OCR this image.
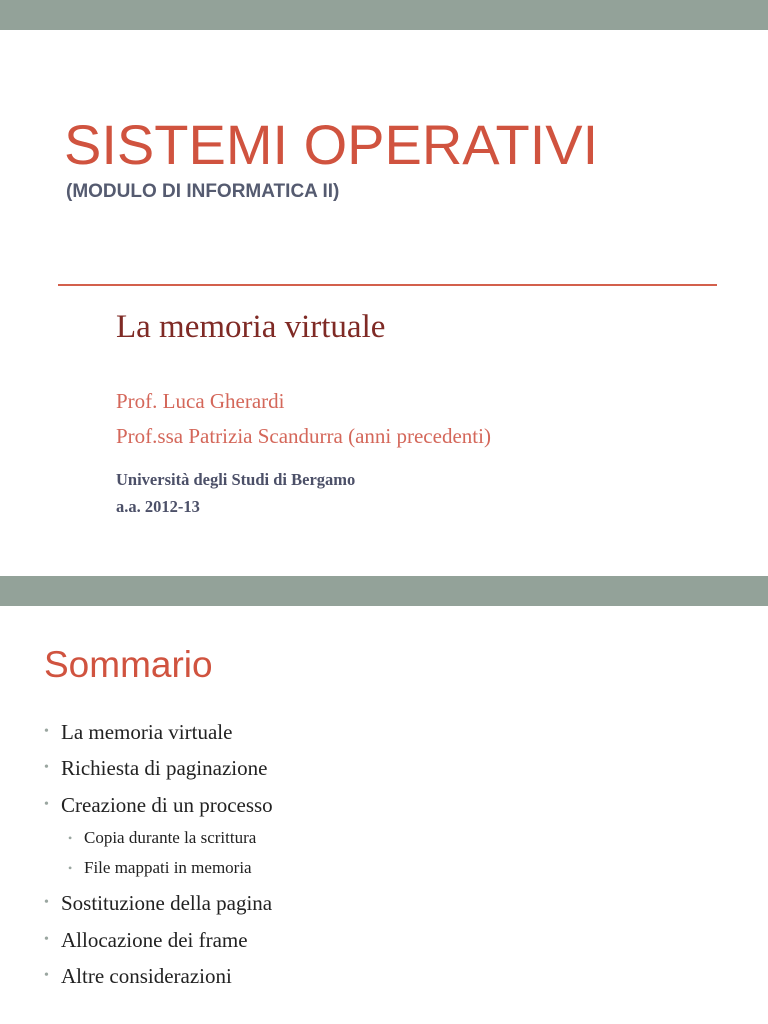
SISTEMI OPERATIVI

(MODULO DI INFORMATICA II)

La memoria virtuale

Prof. Luca Gherardi

Prof.ssa Patrizia Scandurra (anni precedenti)

Università degli Studi di Bergamo

a.a. 2012-13

Sommario
• La memoria virtuale
• Richiesta di paginazione
• Creazione di un processo
• Copia durante la scrittura
• File mappati in memoria
• Sostituzione della pagina
• Allocazione dei frame
• Altre considerazioni
